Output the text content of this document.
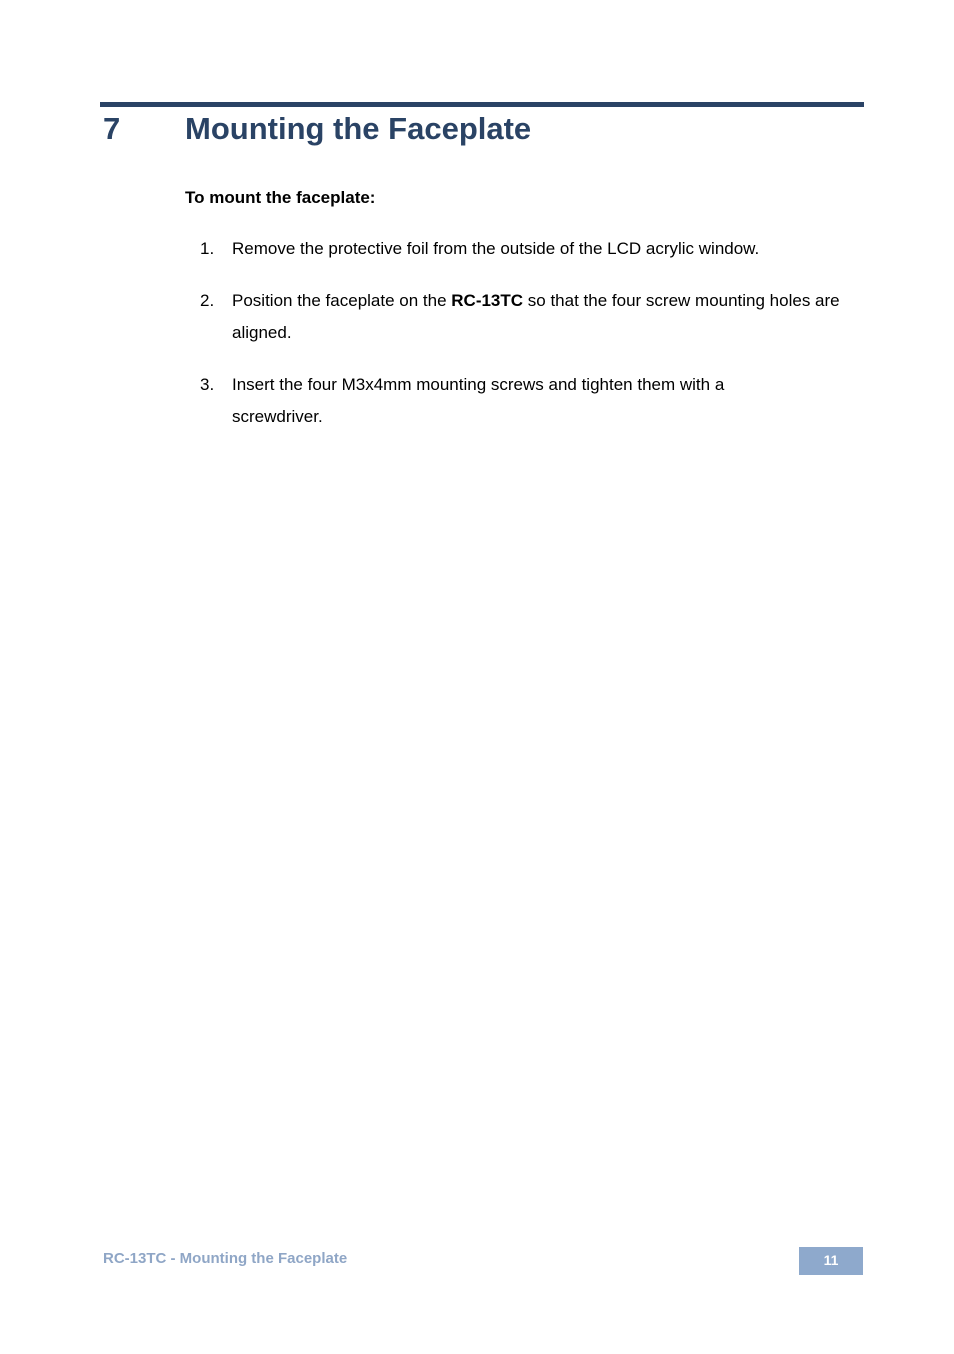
7 Mounting the Faceplate
To mount the faceplate:
1. Remove the protective foil from the outside of the LCD acrylic window.
2. Position the faceplate on the RC-13TC so that the four screw mounting holes are aligned.
3. Insert the four M3x4mm mounting screws and tighten them with a screwdriver.
RC-13TC - Mounting the Faceplate	11
